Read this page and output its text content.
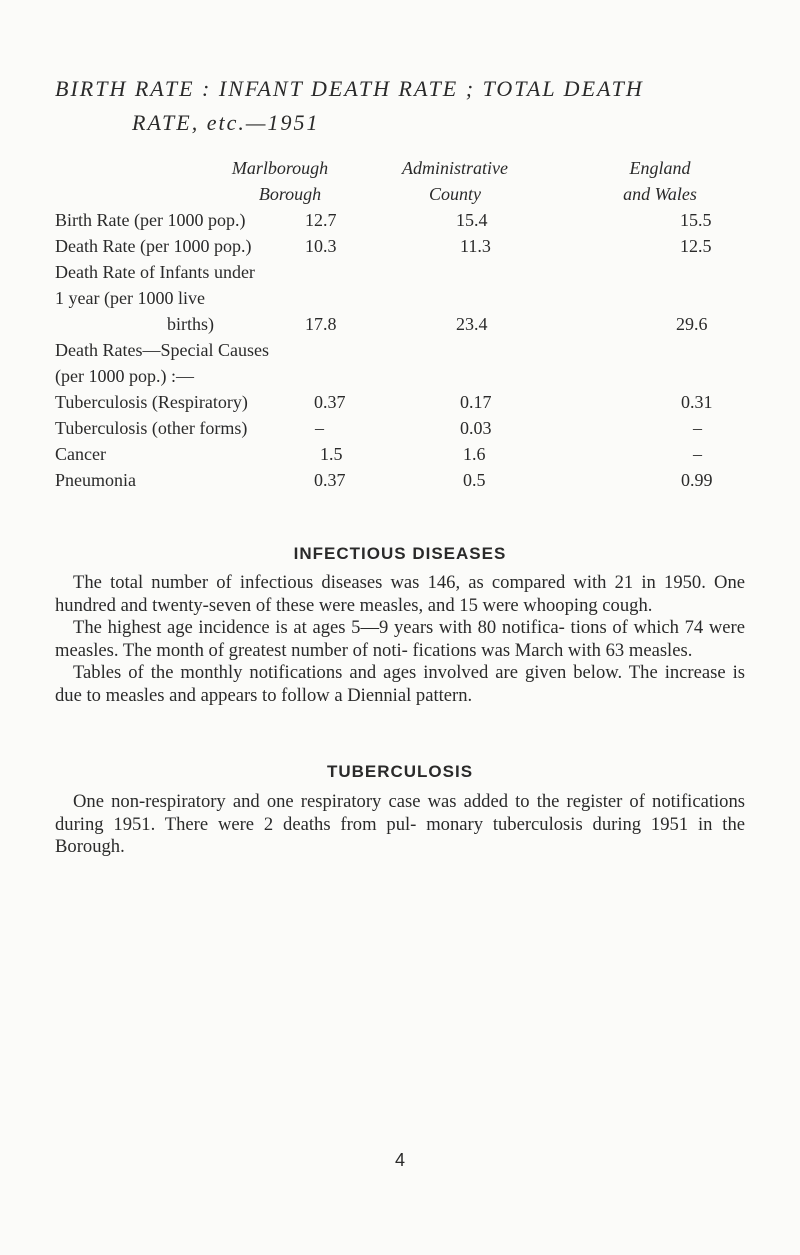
BIRTH RATE : INFANT DEATH RATE ; TOTAL DEATH
RATE, etc.—1951
Marlborough
Borough
Administrative
County
England
and Wales
Birth Rate (per 1000 pop.)	12.7	15.4	15.5
Death Rate (per 1000 pop.)	10.3	11.3	12.5
Death Rate of Infants under
1 year (per 1000 live
births)	17.8	23.4	29.6
Death Rates—Special Causes
(per 1000 pop.) :—
Tuberculosis (Respiratory)	0.37	0.17	0.31
Tuberculosis (other forms)	–	0.03	–
Cancer	1.5	1.6	–
Pneumonia	0.37	0.5	0.99
INFECTIOUS DISEASES

The total number of infectious diseases was 146, as compared with 21 in 1950. One hundred and twenty-seven of these were measles, and 15 were whooping cough.

The highest age incidence is at ages 5—9 years with 80 notifica- tions of which 74 were measles. The month of greatest number of noti- fications was March with 63 measles.

Tables of the monthly notifications and ages involved are given below. The increase is due to measles and appears to follow a Diennial pattern.

TUBERCULOSIS

One non-respiratory and one respiratory case was added to the register of notifications during 1951. There were 2 deaths from pul- monary tuberculosis during 1951 in the Borough.

4
